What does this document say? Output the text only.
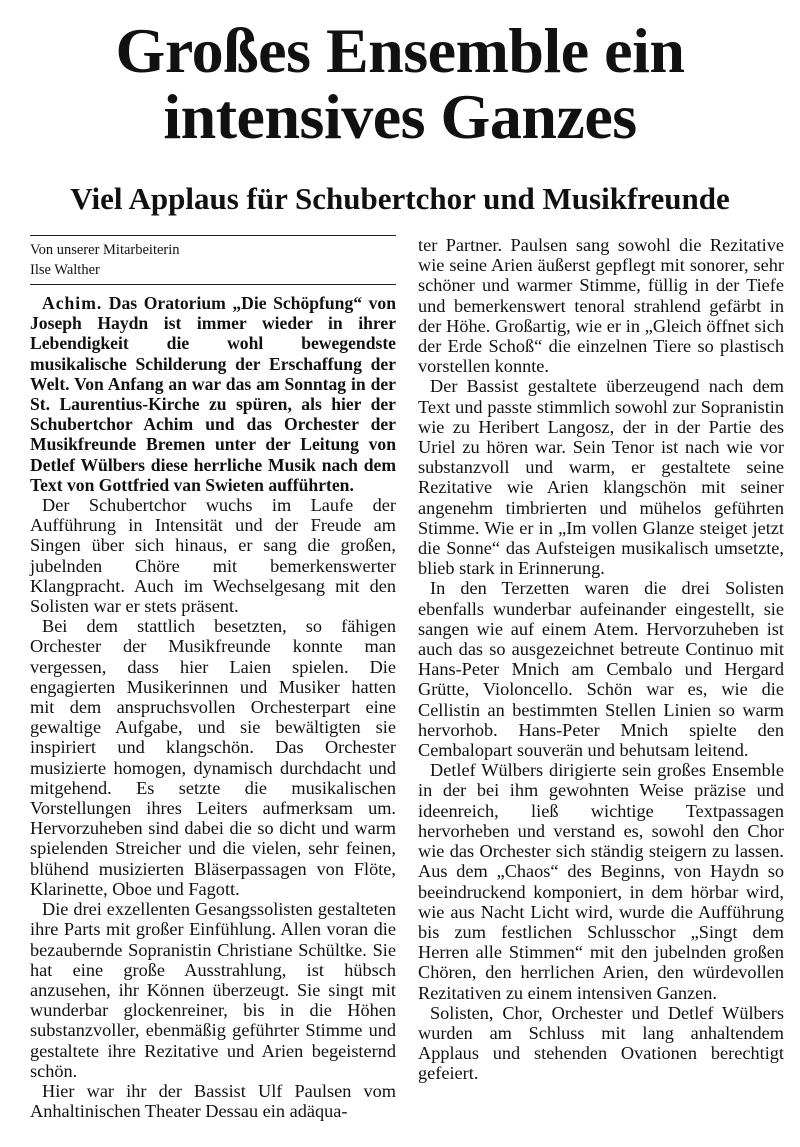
Großes Ensemble ein
intensives Ganzes
Viel Applaus für Schubertchor und Musikfreunde
Von unserer Mitarbeiterin
Ilse Walther

Achim. Das Oratorium „Die Schöpfung“ von Joseph Haydn ist immer wieder in ihrer Lebendigkeit die wohl bewegendste musikalische Schilderung der Erschaffung der Welt. Von Anfang an war das am Sonntag in der St. Laurentius-Kirche zu spüren, als hier der Schubertchor Achim und das Orchester der Musikfreunde Bremen unter der Leitung von Detlef Wülbers diese herrliche Musik nach dem Text von Gottfried van Swieten aufführten.

Der Schubertchor wuchs im Laufe der Aufführung in Intensität und der Freude am Singen über sich hinaus, er sang die großen, jubelnden Chöre mit bemerkenswerter Klangpracht. Auch im Wechselgesang mit den Solisten war er stets präsent.

Bei dem stattlich besetzten, so fähigen Orchester der Musikfreunde konnte man vergessen, dass hier Laien spielen. Die engagierten Musikerinnen und Musiker hatten mit dem anspruchsvollen Orchesterpart eine gewaltige Aufgabe, und sie bewältigten sie inspiriert und klangschön. Das Orchester musizierte homogen, dynamisch durchdacht und mitgehend. Es setzte die musikalischen Vorstellungen ihres Leiters aufmerksam um. Hervorzuheben sind dabei die so dicht und warm spielenden Streicher und die vielen, sehr feinen, blühend musizierten Bläserpassagen von Flöte, Klarinette, Oboe und Fagott.

Die drei exzellenten Gesangssolisten gestalteten ihre Parts mit großer Einfühlung. Allen voran die bezaubernde Sopranistin Christiane Schültke. Sie hat eine große Ausstrahlung, ist hübsch anzusehen, ihr Können überzeugt. Sie singt mit wunderbar glockenreiner, bis in die Höhen substanzvoller, ebenmäßig geführter Stimme und gestaltete ihre Rezitative und Arien begeisternd schön.

Hier war ihr der Bassist Ulf Paulsen vom Anhaltinischen Theater Dessau ein adäqua-

ter Partner. Paulsen sang sowohl die Rezitative wie seine Arien äußerst gepflegt mit sonorer, sehr schöner und warmer Stimme, füllig in der Tiefe und bemerkenswert tenoral strahlend gefärbt in der Höhe. Großartig, wie er in „Gleich öffnet sich der Erde Schoß“ die einzelnen Tiere so plastisch vorstellen konnte.

Der Bassist gestaltete überzeugend nach dem Text und passte stimmlich sowohl zur Sopranistin wie zu Heribert Langosz, der in der Partie des Uriel zu hören war. Sein Tenor ist nach wie vor substanzvoll und warm, er gestaltete seine Rezitative wie Arien klangschön mit seiner angenehm timbrierten und mühelos geführten Stimme. Wie er in „Im vollen Glanze steiget jetzt die Sonne“ das Aufsteigen musikalisch umsetzte, blieb stark in Erinnerung.

In den Terzetten waren die drei Solisten ebenfalls wunderbar aufeinander eingestellt, sie sangen wie auf einem Atem. Hervorzuheben ist auch das so ausgezeichnet betreute Continuo mit Hans-Peter Mnich am Cembalo und Hergard Grütte, Violoncello. Schön war es, wie die Cellistin an bestimmten Stellen Linien so warm hervorhob. Hans-Peter Mnich spielte den Cembalopart souverän und behutsam leitend.

Detlef Wülbers dirigierte sein großes Ensemble in der bei ihm gewohnten Weise präzise und ideenreich, ließ wichtige Textpassagen hervorheben und verstand es, sowohl den Chor wie das Orchester sich ständig steigern zu lassen. Aus dem „Chaos“ des Beginns, von Haydn so beeindruckend komponiert, in dem hörbar wird, wie aus Nacht Licht wird, wurde die Aufführung bis zum festlichen Schlusschor „Singt dem Herren alle Stimmen“ mit den jubelnden großen Chören, den herrlichen Arien, den würdevollen Rezitativen zu einem intensiven Ganzen.

Solisten, Chor, Orchester und Detlef Wülbers wurden am Schluss mit lang anhaltendem Applaus und stehenden Ovationen berechtigt gefeiert.
